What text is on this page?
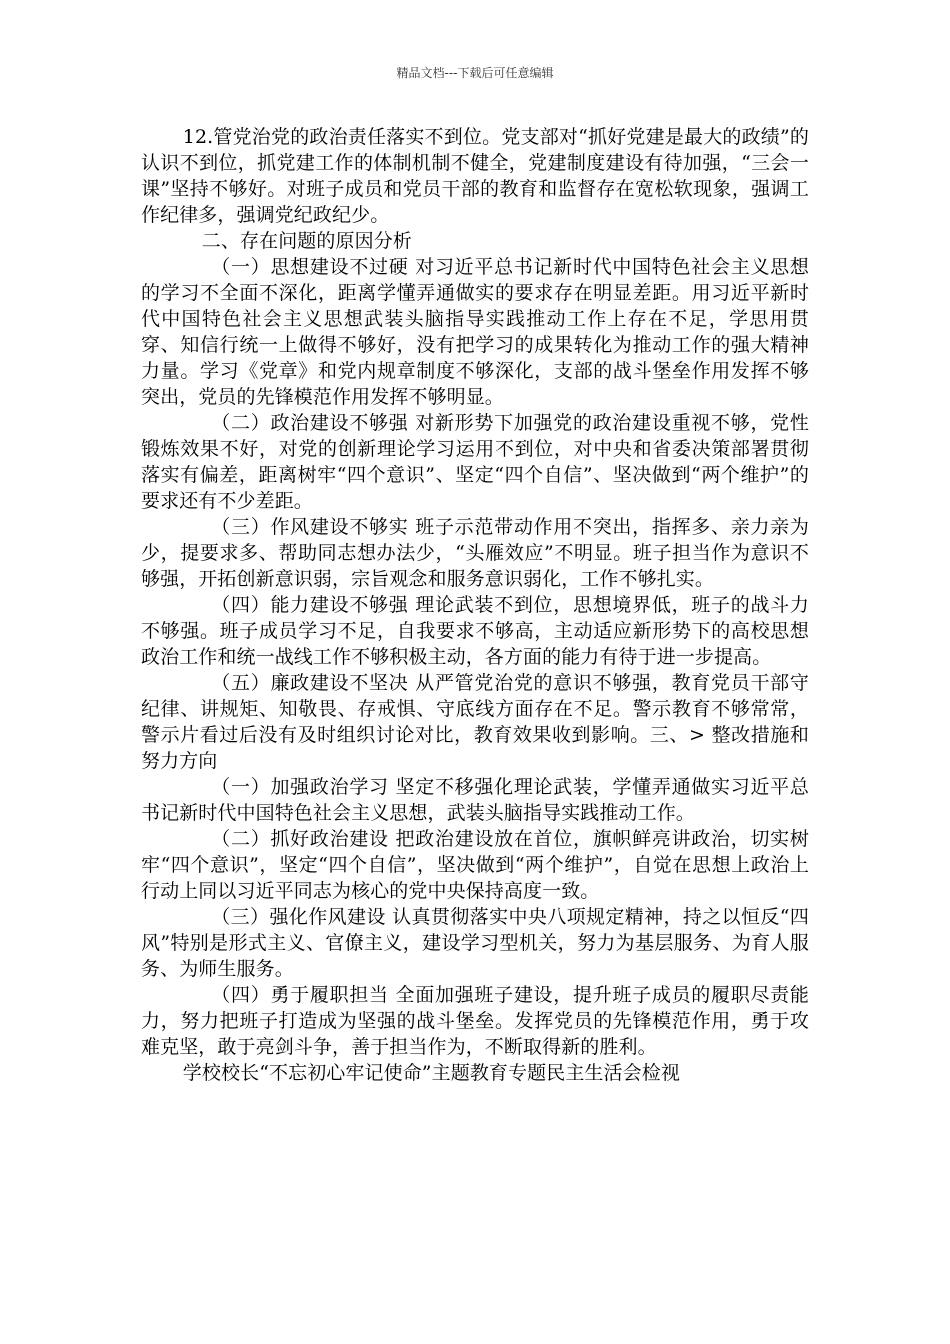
精品文档---下载后可任意编辑

12.管党治党的政治责任落实不到位。党支部对“抓好党建是最大的政绩”的认识不到位，抓党建工作的体制机制不健全，党建制度建设有待加强，“三会一课”坚持不够好。对班子成员和党员干部的教育和监督存在宽松软现象，强调工作纪律多，强调党纪政纪少。

二、存在问题的原因分析

（一）思想建设不过硬 对习近平总书记新时代中国特色社会主义思想的学习不全面不深化，距离学懂弄通做实的要求存在明显差距。用习近平新时代中国特色社会主义思想武装头脑指导实践推动工作上存在不足，学思用贯穿、知信行统一上做得不够好，没有把学习的成果转化为推动工作的强大精神力量。学习《党章》和党内规章制度不够深化，支部的战斗堡垒作用发挥不够突出，党员的先锋模范作用发挥不够明显。

（二）政治建设不够强 对新形势下加强党的政治建设重视不够，党性锻炼效果不好，对党的创新理论学习运用不到位，对中央和省委决策部署贯彻落实有偏差，距离树牢“四个意识”、坚定“四个自信”、坚决做到“两个维护”的要求还有不少差距。

（三）作风建设不够实 班子示范带动作用不突出，指挥多、亲力亲为少，提要求多、帮助同志想办法少，“头雁效应”不明显。班子担当作为意识不够强，开拓创新意识弱，宗旨观念和服务意识弱化，工作不够扎实。

（四）能力建设不够强 理论武装不到位，思想境界低，班子的战斗力不够强。班子成员学习不足，自我要求不够高，主动适应新形势下的高校思想政治工作和统一战线工作不够积极主动，各方面的能力有待于进一步提高。

（五）廉政建设不坚决 从严管党治党的意识不够强，教育党员干部守纪律、讲规矩、知敬畏、存戒惧、守底线方面存在不足。警示教育不够常常，警示片看过后没有及时组织讨论对比，教育效果收到影响。三、> 整改措施和努力方向

（一）加强政治学习 坚定不移强化理论武装，学懂弄通做实习近平总书记新时代中国特色社会主义思想，武装头脑指导实践推动工作。

（二）抓好政治建设 把政治建设放在首位，旗帜鲜亮讲政治，切实树牢“四个意识”，坚定“四个自信”，坚决做到“两个维护”，自觉在思想上政治上行动上同以习近平同志为核心的党中央保持高度一致。

（三）强化作风建设 认真贯彻落实中央八项规定精神，持之以恒反“四风”特别是形式主义、官僚主义，建设学习型机关，努力为基层服务、为育人服务、为师生服务。

（四）勇于履职担当 全面加强班子建设，提升班子成员的履职尽责能力，努力把班子打造成为坚强的战斗堡垒。发挥党员的先锋模范作用，勇于攻难克坚，敢于亮剑斗争，善于担当作为，不断取得新的胜利。

学校校长“不忘初心牢记使命”主题教育专题民主生活会检视
